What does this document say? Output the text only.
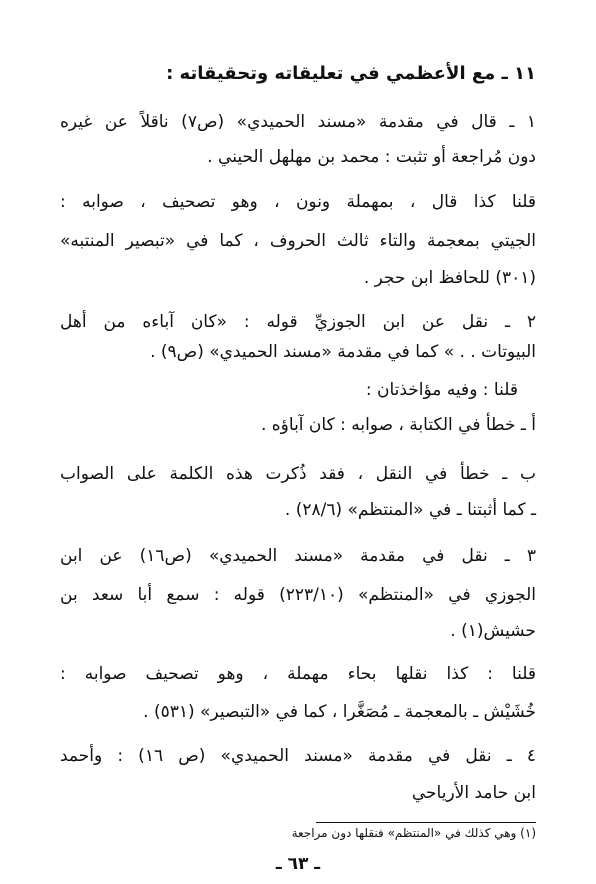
١١ ـ مع الأعظمي في تعليقاته وتحقيقاته :
١ ـ قال في مقدمة «مسند الحميدي» (ص٧) ناقلاً عن غيره
دون مُراجعة أو تثبت : محمد بن مهلهل الحيني .
قلنا كذا قال ، بمهملة ونون ، وهو تصحيف ، صوابه :
الجيتي بمعجمة والتاء ثالث الحروف ، كما في «تبصير المنتبه»
(٣٠١) للحافظ ابن حجر .
٢ ـ نقل عن ابن الجوزيِّ قوله : «كان آباءه من أهل
البيوتات . . » كما في مقدمة «مسند الحميدي» (ص٩) .
قلنا : وفيه مؤاخذتان :
أ ـ خطأ في الكتابة ، صوابه : كان آباؤه .
ب ـ خطأ في النقل ، فقد ذُكرت هذه الكلمة على الصواب
ـ كما أثبتنا ـ في «المنتظم» (٢٨/٦) .
٣ ـ نقل في مقدمة «مسند الحميدي» (ص١٦) عن ابن
الجوزي في «المنتظم» (٢٢٣/١٠) قوله : سمع أبا سعد بن
حشيش(١) .
قلنا : كذا نقلها بحاء مهملة ، وهو تصحيف صوابه :
خُشَيْش ـ بالمعجمة ـ مُصَغَّرا ، كما في «التبصير» (٥٣١) .
٤ ـ نقل في مقدمة «مسند الحميدي» (ص ١٦) : وأحمد
ابن حامد الأرياحي
(١) وهي كذلك في «المنتظم» فنقلها دون مراجعة
ـ ٦٣ ـ
